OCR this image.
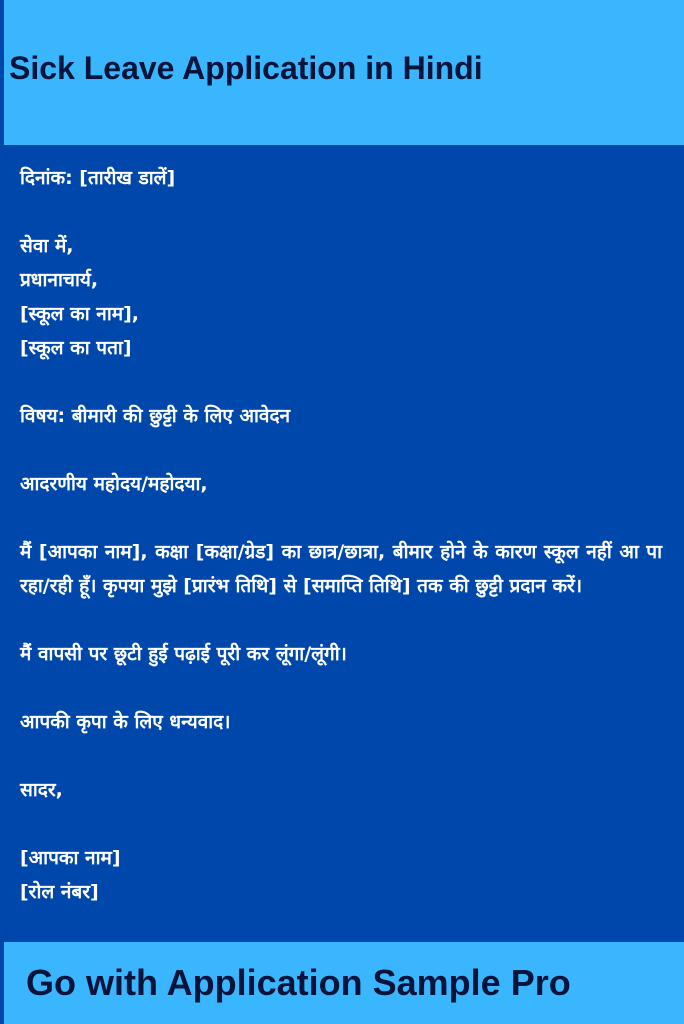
Sick Leave Application in Hindi

दिनांक: [तारीख डालें]

सेवा में,

प्रधानाचार्य,

[स्कूल का नाम],

[स्कूल का पता]

विषय: बीमारी की छुट्टी के लिए आवेदन

आदरणीय महोदय/महोदया,

मैं [आपका नाम], कक्षा [कक्षा/ग्रेड] का छात्र/छात्रा, बीमार होने के कारण स्कूल नहीं आ पा रहा/रही हूँ। कृपया मुझे [प्रारंभ तिथि] से [समाप्ति तिथि] तक की छुट्टी प्रदान करें।

मैं वापसी पर छूटी हुई पढ़ाई पूरी कर लूंगा/लूंगी।

आपकी कृपा के लिए धन्यवाद।

सादर,

[आपका नाम]

[रोल नंबर]

Go with Application Sample Pro
